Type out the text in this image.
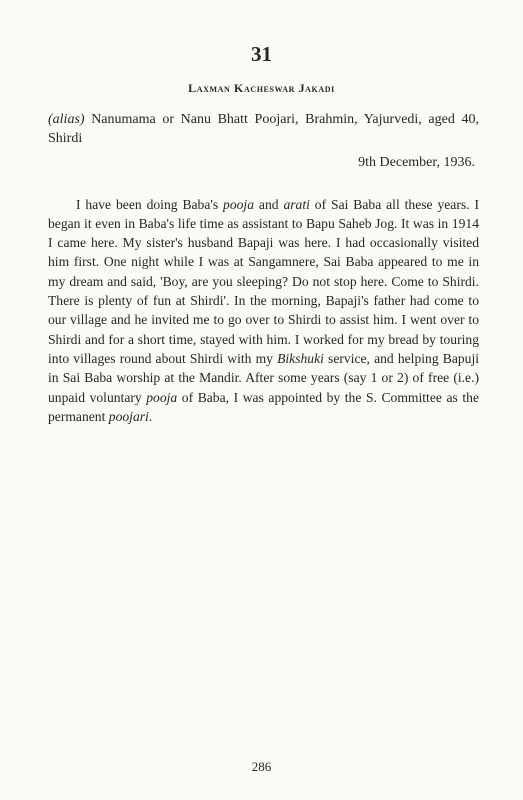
31
Laxman Kacheswar Jakadi
(alias) Nanumama or Nanu Bhatt Poojari, Brahmin, Yajurvedi, aged 40, Shirdi
9th December, 1936.

I have been doing Baba's pooja and arati of Sai Baba all these years. I began it even in Baba's life time as assistant to Bapu Saheb Jog. It was in 1914 I came here. My sister's husband Bapaji was here. I had occasionally visited him first. One night while I was at Sangamnere, Sai Baba appeared to me in my dream and said, 'Boy, are you sleeping? Do not stop here. Come to Shirdi. There is plenty of fun at Shirdi'. In the morning, Bapaji's father had come to our village and he invited me to go over to Shirdi to assist him. I went over to Shirdi and for a short time, stayed with him. I worked for my bread by touring into villages round about Shirdi with my Bikshuki service, and helping Bapuji in Sai Baba worship at the Mandir. After some years (say 1 or 2) of free (i.e.) unpaid voluntary pooja of Baba, I was appointed by the S. Committee as the permanent poojari.

286
